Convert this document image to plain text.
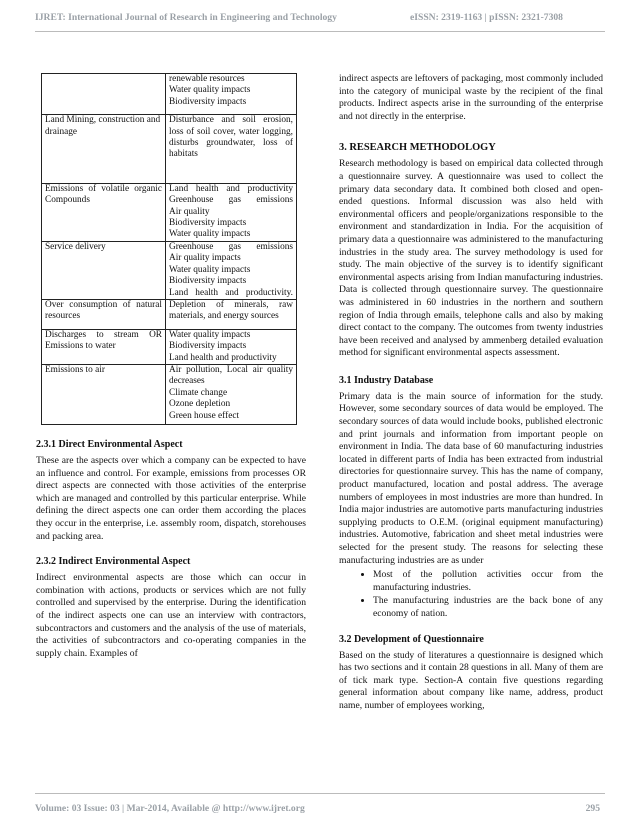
IJRET: International Journal of Research in Engineering and Technology	eISSN: 2319-1163 | pISSN: 2321-7308

	renewable resources
Water quality impacts
Biodiversity impacts

Land Mining, construction and drainage	Disturbance and soil erosion, loss of soil cover, water logging, disturbs groundwater, loss of habitats

Emissions of volatile organic Compounds	Land health and productivity
Greenhouse gas emissions
Air quality
Biodiversity impacts
Water quality impacts

Service delivery	Greenhouse gas emissions
Air quality impacts
Water quality impacts
Biodiversity impacts
Land health and productivity.

Over consumption of natural resources	Depletion of minerals, raw materials, and energy sources

Discharges to stream OR Emissions to water	Water quality impacts
Biodiversity impacts
Land health and productivity

Emissions to air	Air pollution, Local air quality decreases
Climate change
Ozone depletion
Green house effect
2.3.1 Direct Environmental Aspect

These are the aspects over which a company can be expected to have an influence and control. For example, emissions from processes OR direct aspects are connected with those activities of the enterprise which are managed and controlled by this particular enterprise. While defining the direct aspects one can order them according the places they occur in the enterprise, i.e. assembly room, dispatch, storehouses and packing area.

2.3.2 Indirect Environmental Aspect

Indirect environmental aspects are those which can occur in combination with actions, products or services which are not fully controlled and supervised by the enterprise. During the identification of the indirect aspects one can use an interview with contractors, subcontractors and customers and the analysis of the use of materials, the activities of subcontractors and co-operating companies in the supply chain. Examples of

indirect aspects are leftovers of packaging, most commonly included into the category of municipal waste by the recipient of the final products. Indirect aspects arise in the surrounding of the enterprise and not directly in the enterprise.

3. RESEARCH METHODOLOGY

Research methodology is based on empirical data collected through a questionnaire survey. A questionnaire was used to collect the primary data secondary data. It combined both closed and open-ended questions. Informal discussion was also held with environmental officers and people/organizations responsible to the environment and standardization in India. For the acquisition of primary data a questionnaire was administered to the manufacturing industries in the study area. The survey methodology is used for study. The main objective of the survey is to identify significant environmental aspects arising from Indian manufacturing industries. Data is collected through questionnaire survey. The questionnaire was administered in 60 industries in the northern and southern region of India through emails, telephone calls and also by making direct contact to the company. The outcomes from twenty industries have been received and analysed by ammenberg detailed evaluation method for significant environmental aspects assessment.

3.1 Industry Database

Primary data is the main source of information for the study. However, some secondary sources of data would be employed. The secondary sources of data would include books, published electronic and print journals and information from important people on environment in India. The data base of 60 manufacturing industries located in different parts of India has been extracted from industrial directories for questionnaire survey. This has the name of company, product manufactured, location and postal address. The average numbers of employees in most industries are more than hundred. In India major industries are automotive parts manufacturing industries supplying products to O.E.M. (original equipment manufacturing) industries. Automotive, fabrication and sheet metal industries were selected for the present study. The reasons for selecting these manufacturing industries are as under

• Most of the pollution activities occur from the manufacturing industries.
• The manufacturing industries are the back bone of any economy of nation.
3.2 Development of Questionnaire

Based on the study of literatures a questionnaire is designed which has two sections and it contain 28 questions in all. Many of them are of tick mark type. Section-A contain five questions regarding general information about company like name, address, product name, number of employees working,

Volume: 03 Issue: 03 | Mar-2014, Available @ http://www.ijret.org	295
